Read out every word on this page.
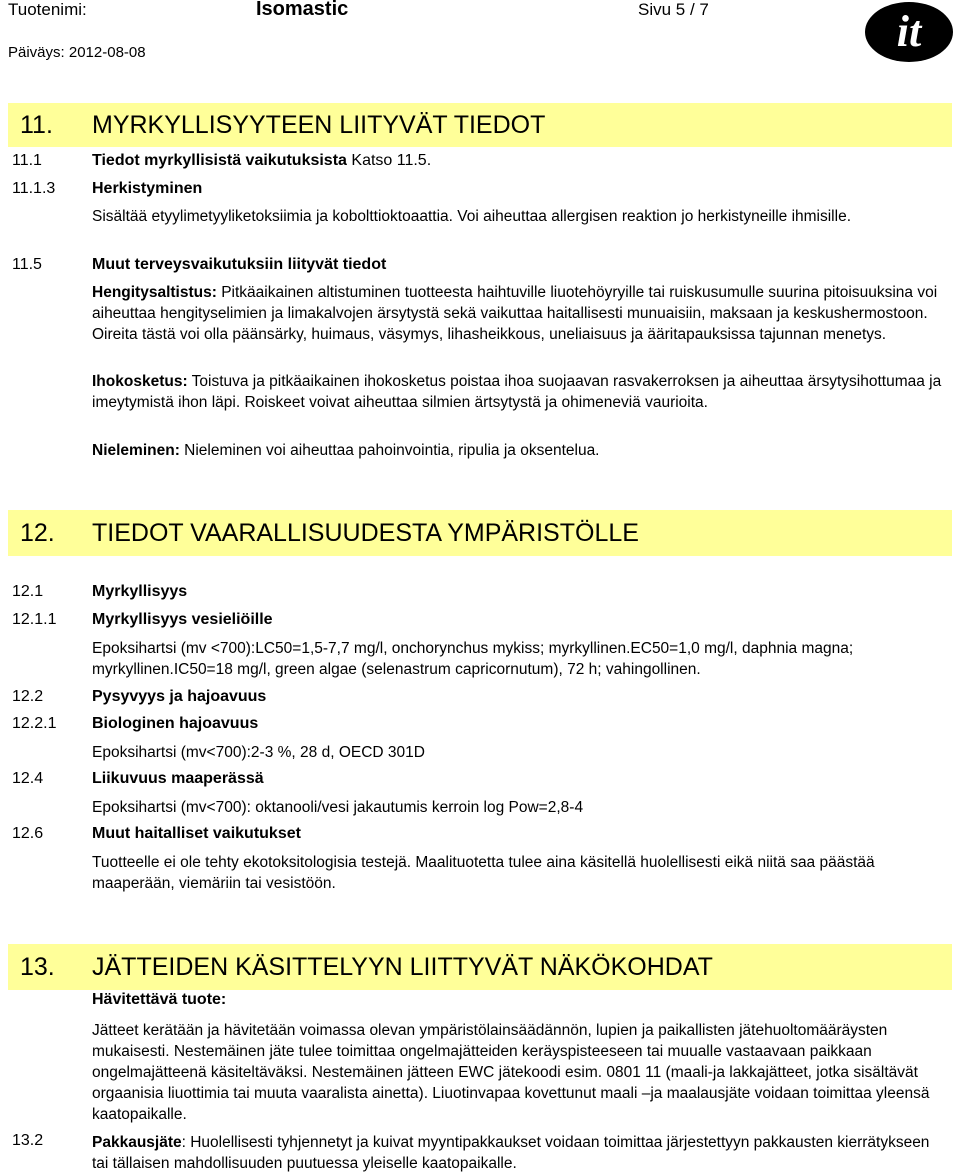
Tuotenimi:	Isomastic	Sivu 5 / 7
Päiväys: 2012-08-08	it
11. MYRKYLLISYYTEEN LIITYVÄT TIEDOT
11.1	Tiedot myrkyllisistä vaikutuksista Katso 11.5.
11.1.3 Herkistyminen
Sisältää etyylimetyyliketoksiimia ja kobolttioktoaattia. Voi aiheuttaa allergisen reaktion jo herkistyneille ihmisille.
11.5	Muut terveysvaikutuksiin liityvät tiedot
Hengitysaltistus: Pitkäaikainen altistuminen tuotteesta haihtuville liuotehöyryille tai ruiskusumulle suurina pitoisuuksina voi aiheuttaa hengityselimien ja limakalvojen ärsytystä sekä vaikuttaa haitallisesti munuaisiin, maksaan ja keskushermostoon. Oireita tästä voi olla päänsärky, huimaus, väsymys, lihasheikkous, uneliaisuus ja ääritapauksissa tajunnan menetys.
Ihokosketus: Toistuva ja pitkäaikainen ihokosketus poistaa ihoa suojaavan rasvakerroksen ja aiheuttaa ärsytysihottumaa ja imeytymistä ihon läpi. Roiskeet voivat aiheuttaa silmien ärtsytystä ja ohimeneviä vaurioita.
Nieleminen: Nieleminen voi aiheuttaa pahoinvointia, ripulia ja oksentelua.
12. TIEDOT VAARALLISUUDESTA YMPÄRISTÖLLE
12.1	Myrkyllisyys
12.1.1 Myrkyllisyys vesieliöille
Epoksihartsi (mv <700):LC50=1,5-7,7 mg/l, onchorynchus mykiss; myrkyllinen.EC50=1,0 mg/l, daphnia magna; myrkyllinen.IC50=18 mg/l, green algae (selenastrum capricornutum), 72 h; vahingollinen.
12.2	Pysyvyys ja hajoavuus
12.2.1 Biologinen hajoavuus
Epoksihartsi (mv<700):2-3 %, 28 d, OECD 301D
12.4	Liikuvuus maaperässä
Epoksihartsi (mv<700): oktanooli/vesi jakautumis kerroin log Pow=2,8-4
12.6	Muut haitalliset vaikutukset
Tuotteelle ei ole tehty ekotoksitologisia testejä. Maalituotetta tulee aina käsitellä huolellisesti eikä niitä saa päästää maaperään, viemäriin tai vesistöön.
13. JÄTTEIDEN KÄSITTELYYN LIITTYVÄT NÄKÖKOHDAT
Hävitettävä tuote:
Jätteet kerätään ja hävitetään voimassa olevan ympäristölainsäädännön, lupien ja paikallisten jätehuoltomääräysten mukaisesti. Nestemäinen jäte tulee toimittaa ongelmajätteiden keräyspisteeseen tai muualle vastaavaan paikkaan ongelmajätteenä käsiteltäväksi. Nestemäinen jätteen EWC jätekoodi esim. 0801 11 (maali-ja lakkajätteet, jotka sisältävät orgaanisia liuottimia tai muuta vaaralista ainetta). Liuotinvapaa kovettunut maali –ja maalausjäte voidaan toimittaa yleensä kaatopaikalle.
13.2	Pakkausjäte: Huolellisesti tyhjennetyt ja kuivat myyntipakkaukset voidaan toimittaa järjestettyyn pakkausten kierrätykseen tai tällaisen mahdollisuuden puutuessa yleiselle kaatopaikalle.
